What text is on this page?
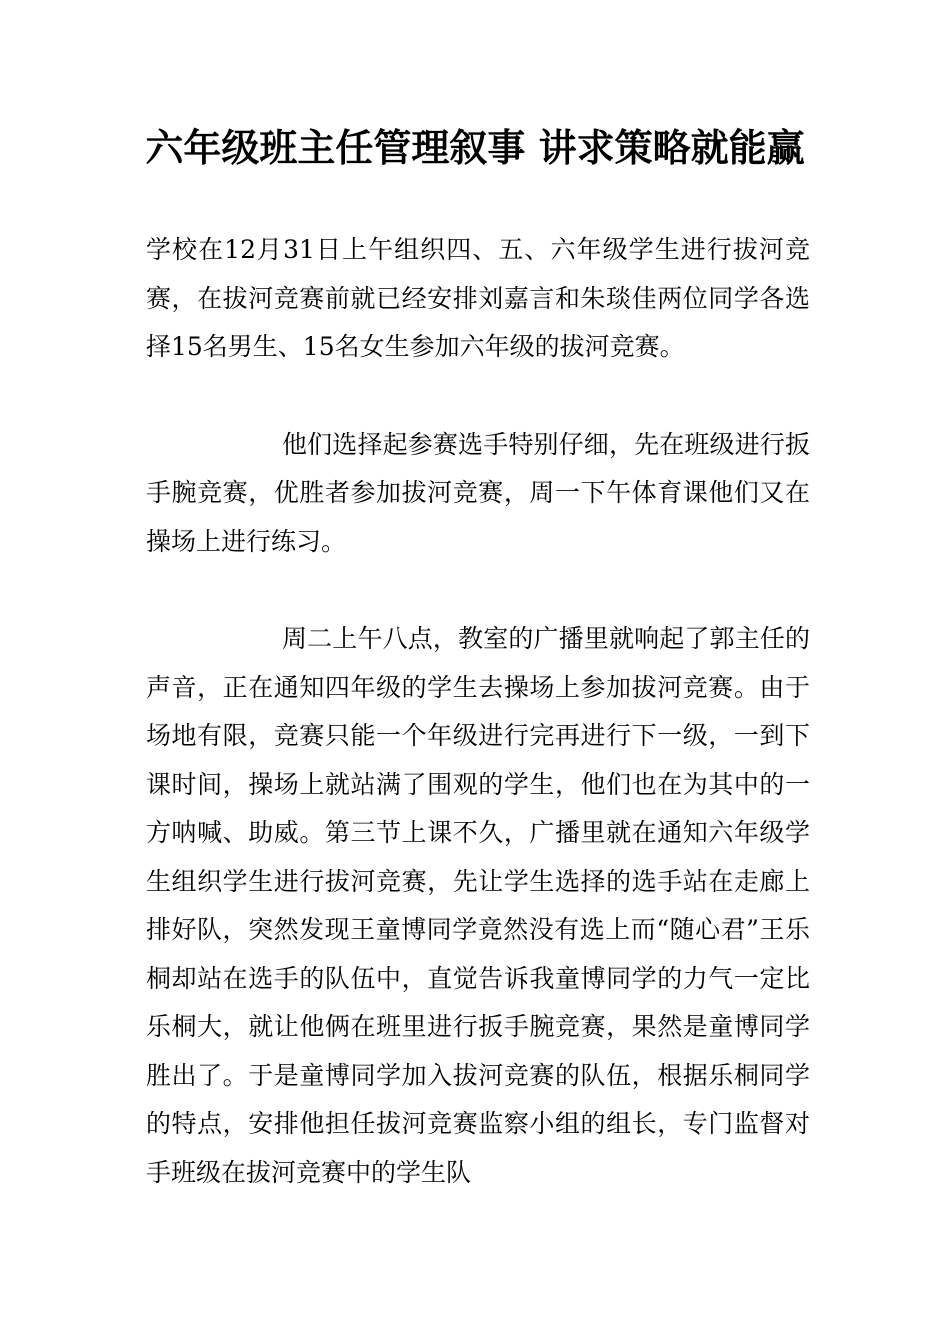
六年级班主任管理叙事 讲求策略就能赢

学校在12月31日上午组织四、五、六年级学生进行拔河竞赛，在拔河竞赛前就已经安排刘嘉言和朱琰佳两位同学各选择15名男生、15名女生参加六年级的拔河竞赛。

他们选择起参赛选手特别仔细，先在班级进行扳手腕竞赛，优胜者参加拔河竞赛，周一下午体育课他们又在操场上进行练习。

周二上午八点，教室的广播里就响起了郭主任的声音，正在通知四年级的学生去操场上参加拔河竞赛。由于场地有限，竞赛只能一个年级进行完再进行下一级，一到下课时间，操场上就站满了围观的学生，他们也在为其中的一方呐喊、助威。第三节上课不久，广播里就在通知六年级学生组织学生进行拔河竞赛，先让学生选择的选手站在走廊上排好队，突然发现王童博同学竟然没有选上而“随心君”王乐桐却站在选手的队伍中，直觉告诉我童博同学的力气一定比乐桐大，就让他俩在班里进行扳手腕竞赛，果然是童博同学胜出了。于是童博同学加入拔河竞赛的队伍，根据乐桐同学的特点，安排他担任拔河竞赛监察小组的组长，专门监督对手班级在拔河竞赛中的学生队
